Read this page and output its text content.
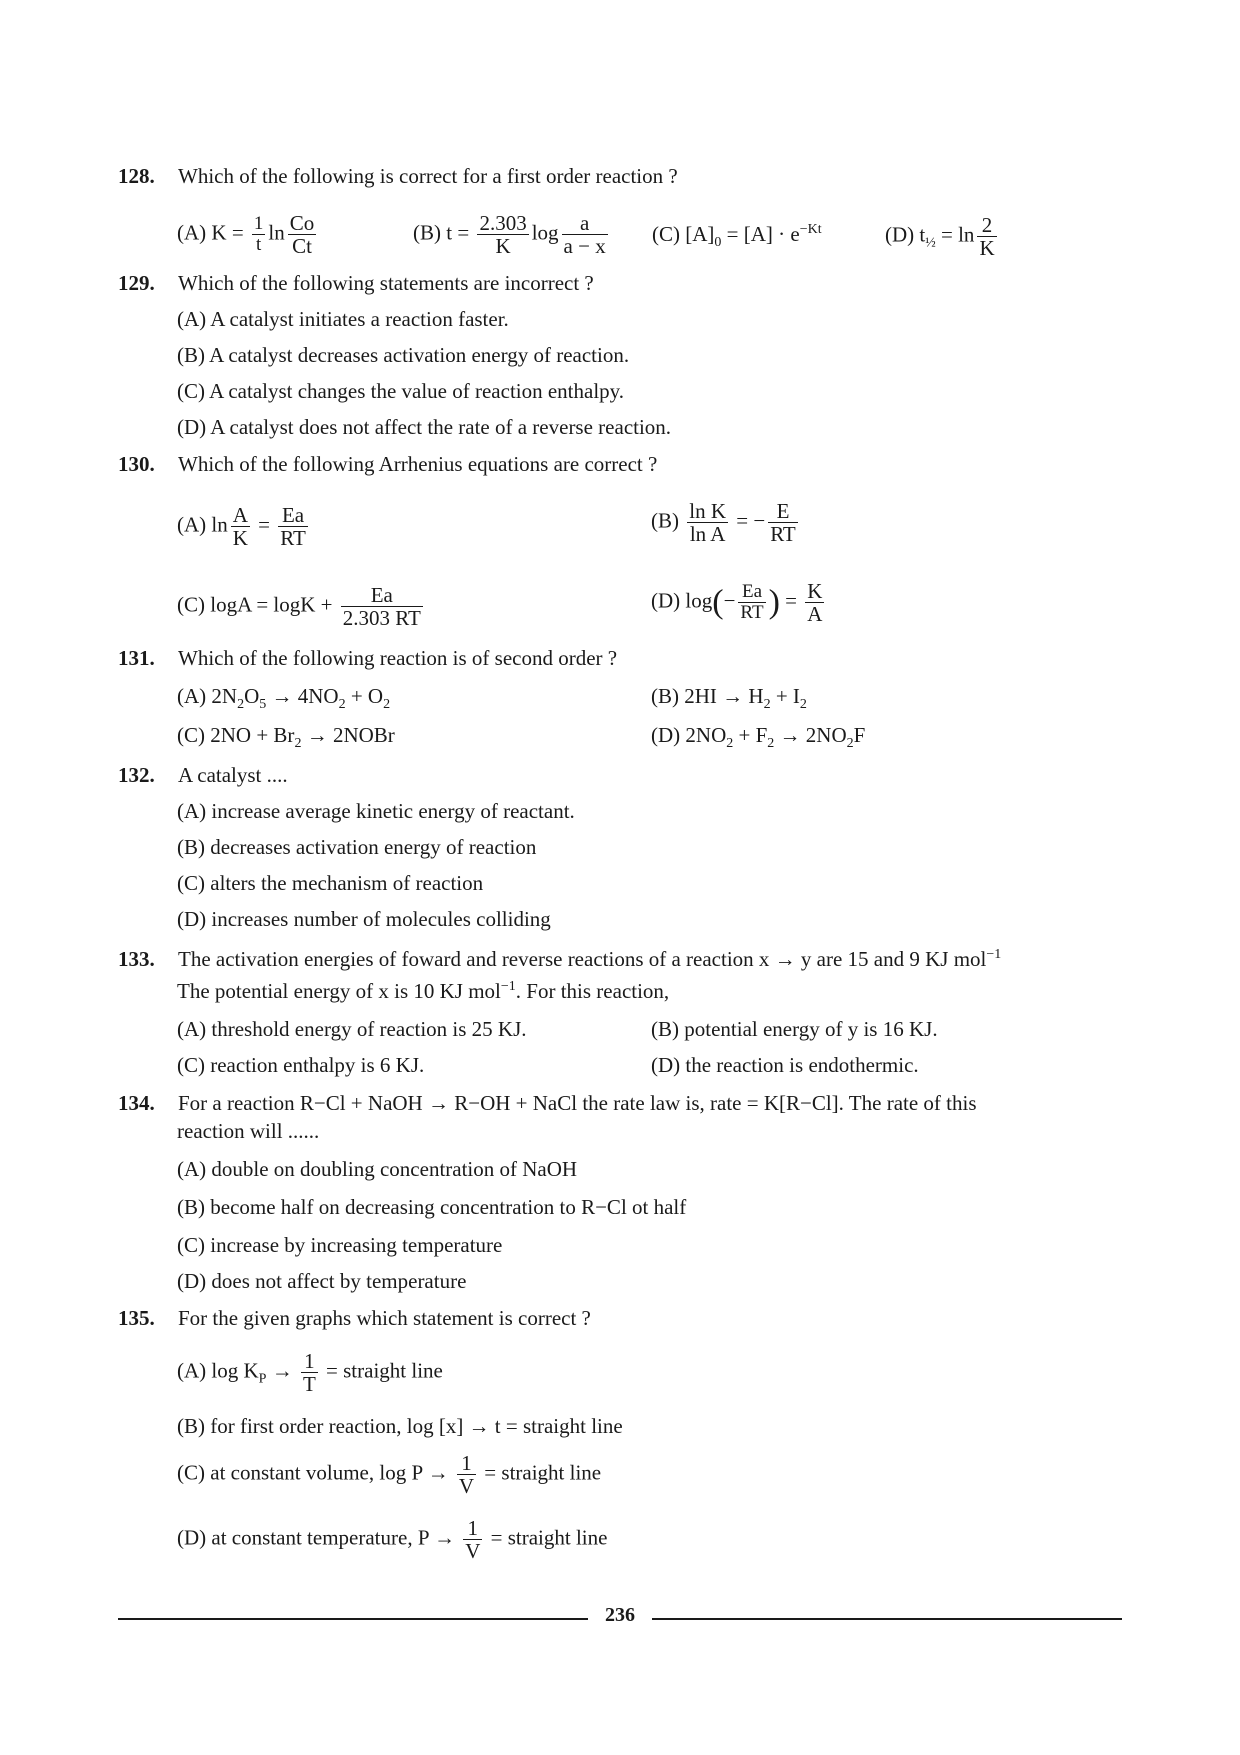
128. Which of the following is correct for a first order reaction ?
(A) $K = \frac{1}{t}$ $\ln \frac{Co}{Ct}$	(B) $t = \frac{2.303}{K}$ $\log \frac{a}{a - x} (C) [A]_0 = [A] \cdot e^{-Kt}$	(D) $t_{\frac{1}{2}} = \ln \frac{2}{K}$
129. Which of the following statements are incorrect ?
(A) A catalyst initiates a reaction faster.
(B) A catalyst decreases activation energy of reaction.
(C) A catalyst changes the value of reaction enthalpy.
(D) A catalyst does not affect the rate of a reverse reaction.
130. Which of the following Arrhenius equations are correct ?
(A) $\ln \frac{A}{K} = \frac{Ea}{RT}$	$(B) \frac{\text{ln K}}{\text{ln A}}$ = − $\frac{E}{RT}$
(C) $\log A = \log K + \frac{Ea}{2.303 RT}$	(D) $\log(- \frac{Ea}{RT}$ ) = $\frac{K}{A}$
131. Which of the following reaction is of second order ?
(A) $2N_2O_5 \to 4NO_2 + O_2$	(B) $2HI \to H_2 + I_2$
(C) $2NO + Br_2$ → 2NOBr	(D) $2NO_2 + F_2 \to 2NO_2F$
132. A catalyst ....
(A) increase average kinetic energy of reactant.
(B) decreases activation energy of reaction
(C) alters the mechanism of reaction
(D) increases number of molecules colliding
133. The activation energies of foward and reverse reactions of a reaction x → y are 15 and 9 KJ mol$^{-1}$
The potential energy of x is 10 KJ mol$^{-1}$. For this reaction,
(A) threshold energy of reaction is 25 KJ.	(B) potential energy of y is 16 KJ.
(C) reaction enthalpy is 6 KJ.	(D) the reaction is endothermic.
134. For a reaction R−Cl + NaOH → R−OH + NaCl the rate law is, rate = K[R−Cl]. The rate of this
reaction will ......
(A) double on doubling concentration of NaOH
(B) become half on decreasing concentration to R−Cl ot half
(C) increase by increasing temperature
(D) does not affect by temperature
135. For the given graphs which statement is correct ?
(A) $\log K_P \to \frac{1}{T}$ = straight line
(B) for first order reaction, log [x] → t = straight line
(C) at constant volume, $\log P \to \frac{1}{V}$ = straight line
(D) at constant temperature, $P \to \frac{1}{V}$ = straight line
236
